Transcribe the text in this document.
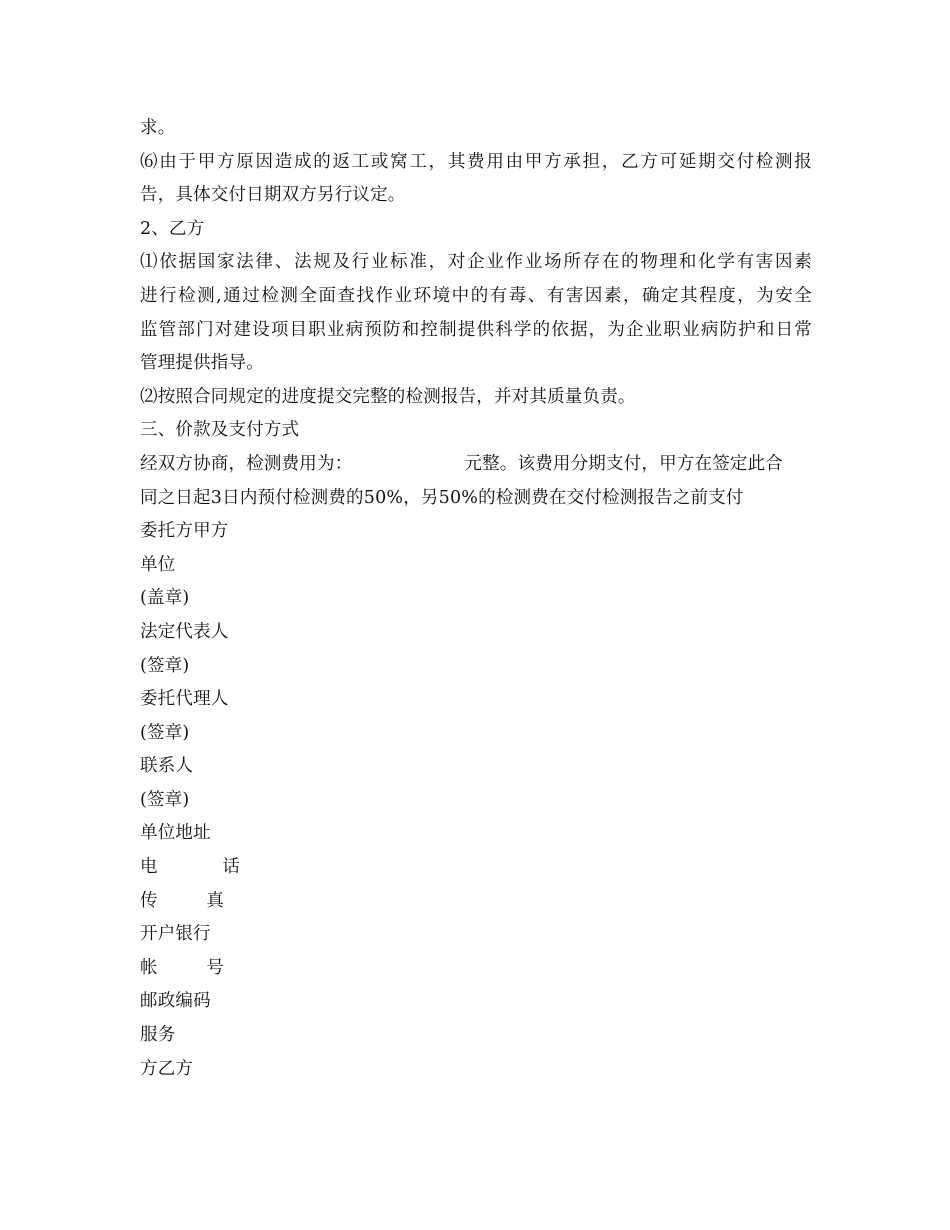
求。

⑹由于甲方原因造成的返工或窝工，其费用由甲方承担，乙方可延期交付检测报
告，具体交付日期双方另行议定。

2、乙方

⑴依据国家法律、法规及行业标准，对企业作业场所存在的物理和化学有害因素
进行检测,通过检测全面查找作业环境中的有毒、有害因素，确定其程度，为安全
监管部门对建设项目职业病预防和控制提供科学的依据，为企业职业病防护和日常
管理提供指导。

⑵按照合同规定的进度提交完整的检测报告，并对其质量负责。

三、价款及支付方式

经双方协商，检测费用为：	元整。该费用分期支付，甲方在签定此合
同之日起3日内预付检测费的50%，另50%的检测费在交付检测报告之前支付

委托方甲方
单位
(盖章)
法定代表人
(签章)
委托代理人
(签章)
联系人
(签章)
单位地址
电 话
传 真
开户银行
帐 号
邮政编码
服务
方乙方
